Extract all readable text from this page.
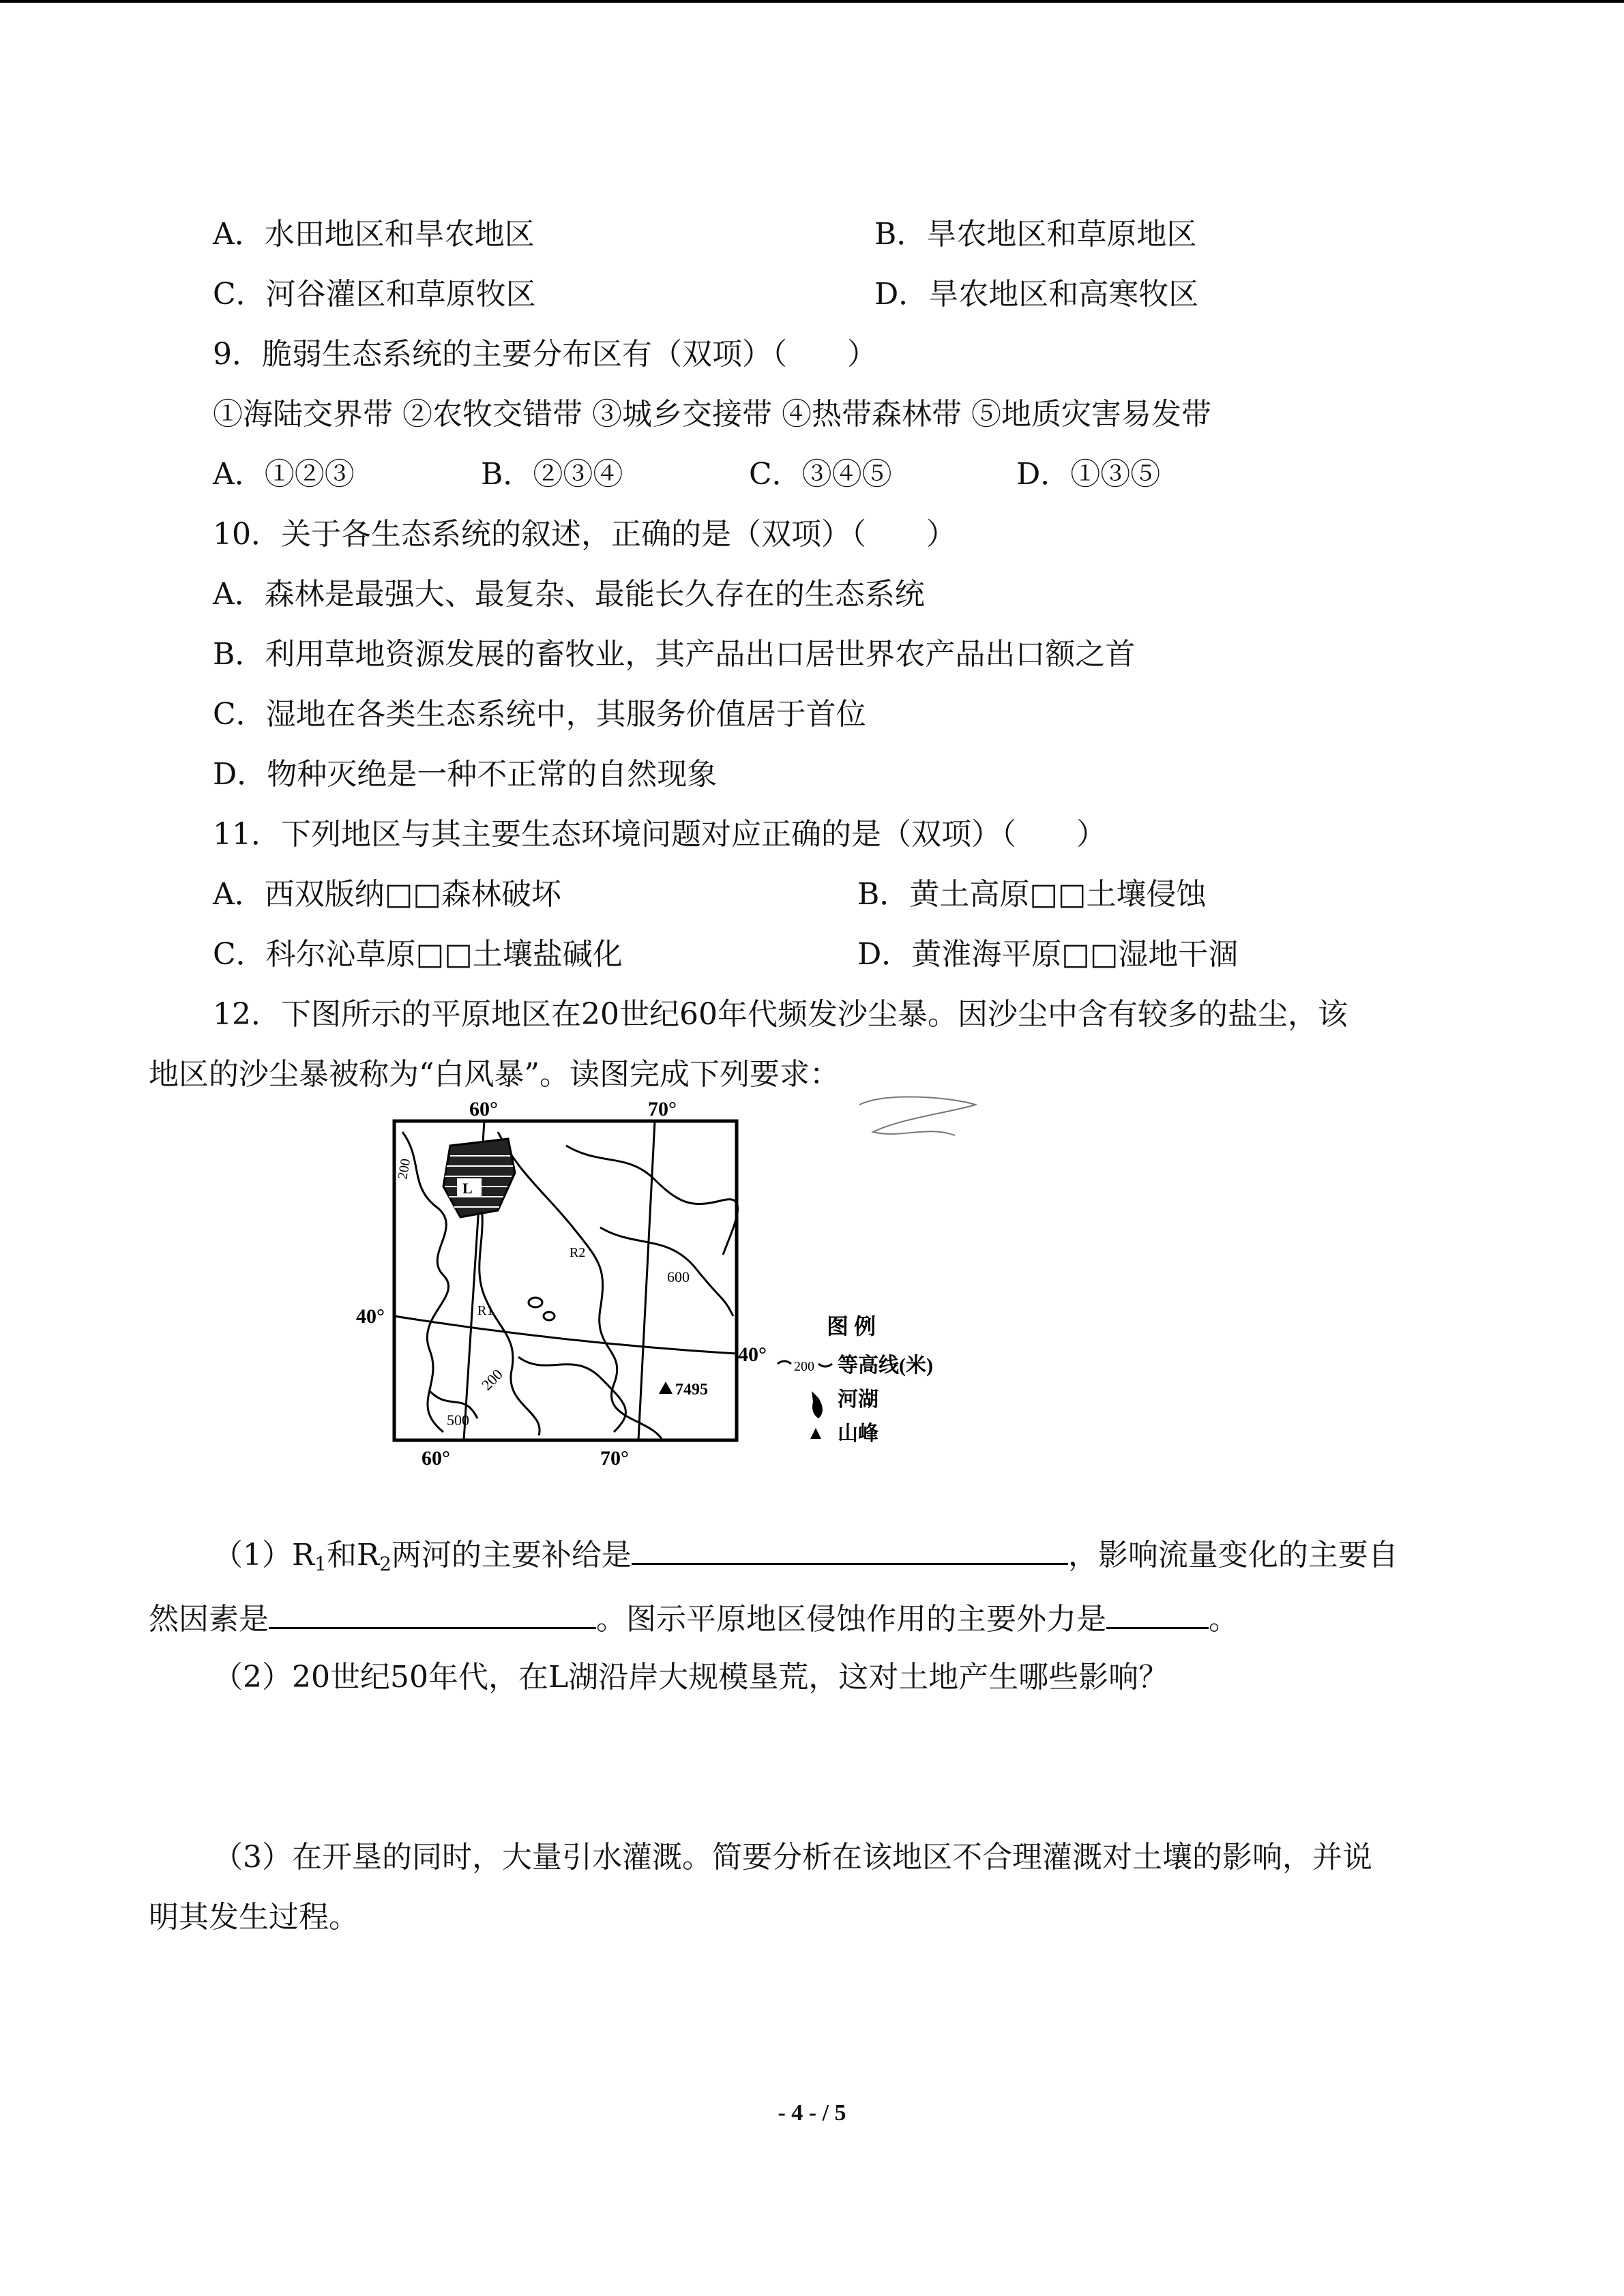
A．水田地区和旱农地区	B．旱农地区和草原地区
C．河谷灌区和草原牧区	D．旱农地区和高寒牧区
9．脆弱生态系统的主要分布区有（双项）（　　）
①海陆交界带 ②农牧交错带 ③城乡交接带 ④热带森林带 ⑤地质灾害易发带
A．①②③	B．②③④	C．③④⑤	D．①③⑤
10．关于各生态系统的叙述，正确的是（双项）（　　）
A．森林是最强大、最复杂、最能长久存在的生态系统
B．利用草地资源发展的畜牧业，其产品出口居世界农产品出口额之首
C．湿地在各类生态系统中，其服务价值居于首位
D．物种灭绝是一种不正常的自然现象
11．下列地区与其主要生态环境问题对应正确的是（双项）（　　）
A．西双版纳□□森林破坏	B．黄土高原□□土壤侵蚀
C．科尔沁草原□□土壤盐碱化	D．黄淮海平原□□湿地干涸
12．下图所示的平原地区在20世纪60年代频发沙尘暴。因沙尘中含有较多的盐尘，该
地区的沙尘暴被称为“白风暴”。读图完成下列要求：
60°	70°
60°	70°
40°
40°
200
200
500
600
L
R1
R2
7495
图 例
200 等高线(米)
河湖
山峰
$(1)R_1$和$R_2$两河的主要补给是	，影响流量变化的主要自
然因素是	。图示平原地区侵蚀作用的主要外力是	。
（2）20世纪50年代，在L湖沿岸大规模垦荒，这对土地产生哪些影响？
（3）在开垦的同时，大量引水灌溉。简要分析在该地区不合理灌溉对土壤的影响，并说
明其发生过程。
- 4 - / 5
